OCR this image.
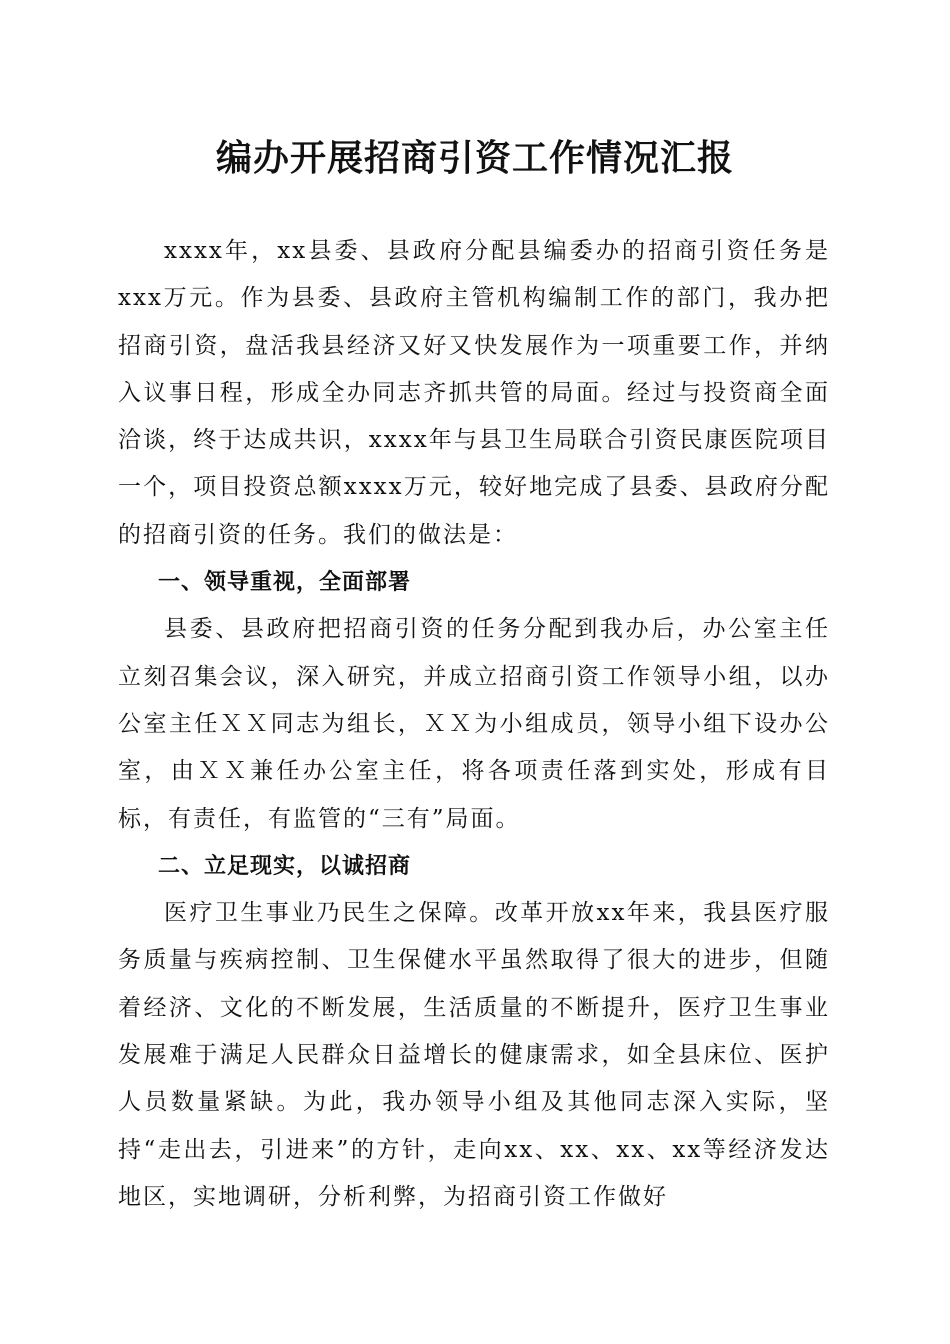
编办开展招商引资工作情况汇报

xxxx年，xx县委、县政府分配县编委办的招商引资任务是xxx万元。作为县委、县政府主管机构编制工作的部门，我办把招商引资，盘活我县经济又好又快发展作为一项重要工作，并纳入议事日程，形成全办同志齐抓共管的局面。经过与投资商全面洽谈，终于达成共识，xxxx年与县卫生局联合引资民康医院项目一个，项目投资总额xxxx万元，较好地完成了县委、县政府分配的招商引资的任务。我们的做法是：

一、领导重视，全面部署

县委、县政府把招商引资的任务分配到我办后，办公室主任立刻召集会议，深入研究，并成立招商引资工作领导小组，以办公室主任ＸＸ同志为组长，ＸＸ为小组成员，领导小组下设办公室，由ＸＸ兼任办公室主任，将各项责任落到实处，形成有目标，有责任，有监管的“三有”局面。

二、立足现实，以诚招商

医疗卫生事业乃民生之保障。改革开放xx年来，我县医疗服务质量与疾病控制、卫生保健水平虽然取得了很大的进步，但随着经济、文化的不断发展，生活质量的不断提升，医疗卫生事业发展难于满足人民群众日益增长的健康需求，如全县床位、医护人员数量紧缺。为此，我办领导小组及其他同志深入实际，坚持“走出去，引进来”的方针，走向xx、xx、xx、xx等经济发达地区，实地调研，分析利弊，为招商引资工作做好
